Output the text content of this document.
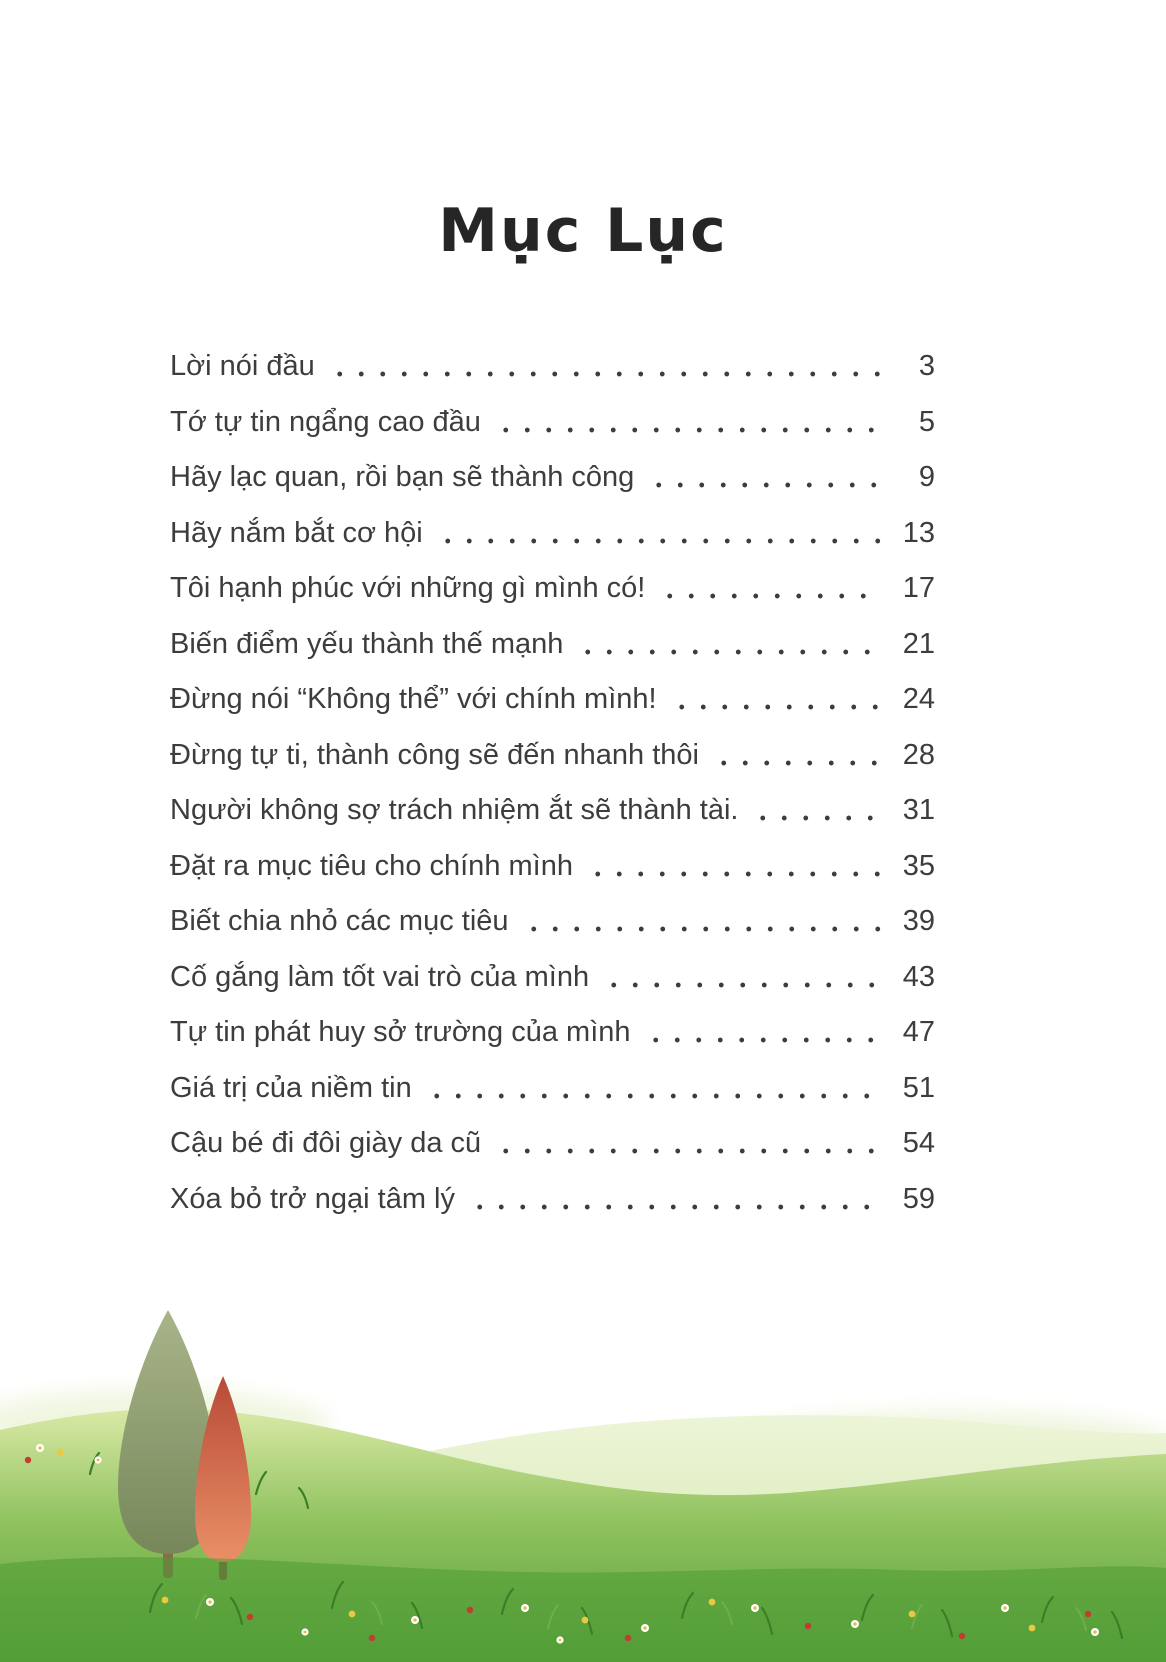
Mục Lục
Lời nói đầu	3
Tớ tự tin ngẩng cao đầu	5
Hãy lạc quan, rồi bạn sẽ thành công	9
Hãy nắm bắt cơ hội	13
Tôi hạnh phúc với những gì mình có!	17
Biến điểm yếu thành thế mạnh	21
Đừng nói “Không thể” với chính mình!	24
Đừng tự ti, thành công sẽ đến nhanh thôi	28
Người không sợ trách nhiệm ắt sẽ thành tài.	31
Đặt ra mục tiêu cho chính mình	35
Biết chia nhỏ các mục tiêu	39
Cố gắng làm tốt vai trò của mình	43
Tự tin phát huy sở trường của mình	47
Giá trị của niềm tin	51
Cậu bé đi đôi giày da cũ	54
Xóa bỏ trở ngại tâm lý	59
